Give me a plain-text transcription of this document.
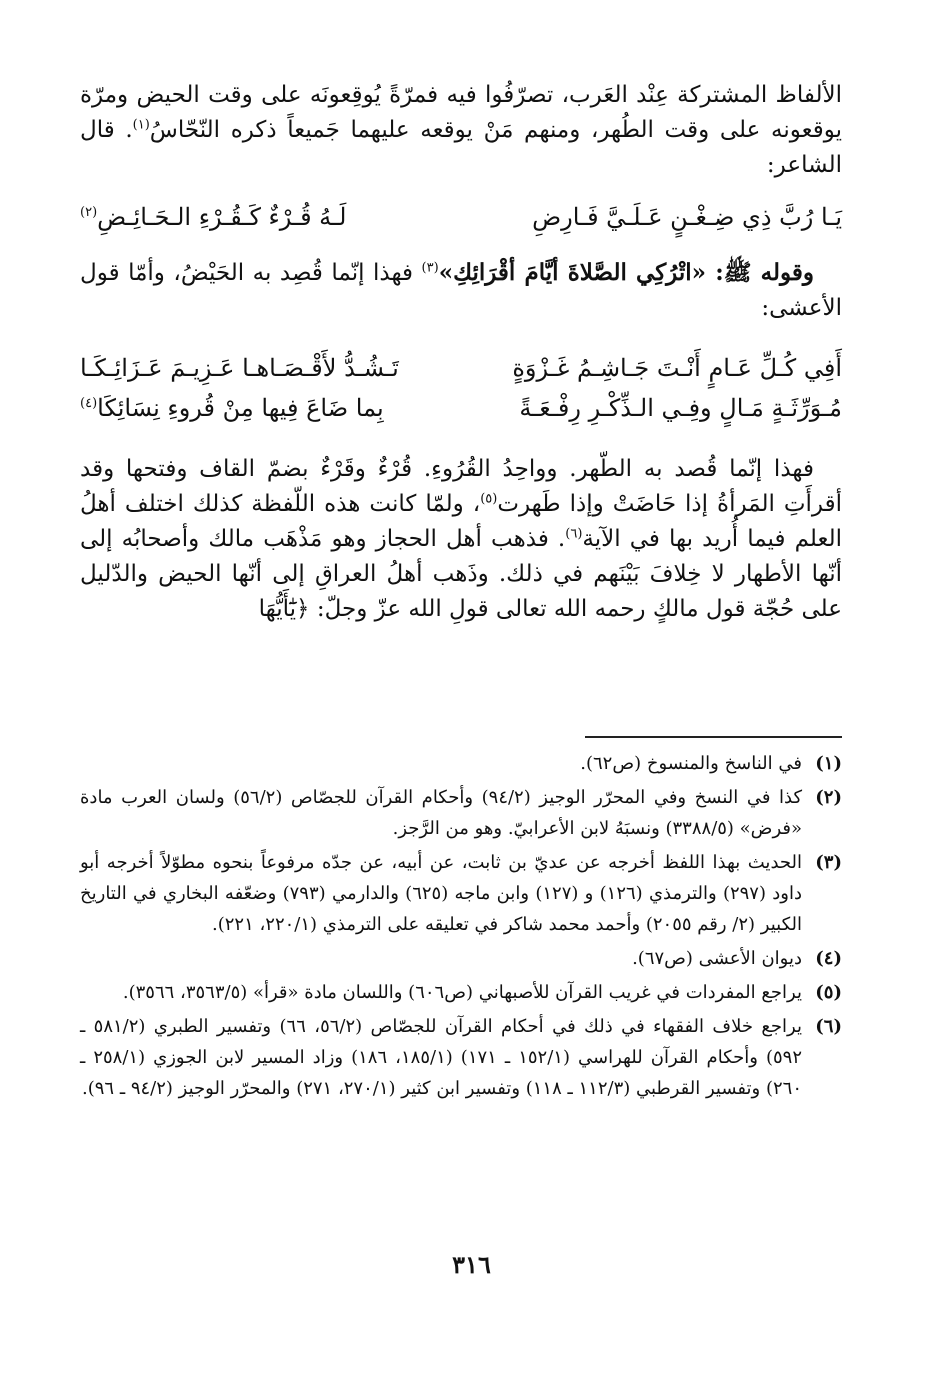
الألفاظ المشتركة عِنْد العَرب، تصرّفُوا فيه فمرّةً يُوقِعونَه على وقت الحيض ومرّة يوقعونه على وقت الطُهر، ومنهم مَنْ يوقعه عليهما جَميعاً ذكره النّحّاسُ$^{(١)}$. قال الشاعر:

يَـا رُبَّ ذِي ضِـغْـنٍ عَـلَـيَّ فَـارِضِ
لَـهُ قُـرْءٌ كَـقُـرْءِ الـحَـائِـضِ$^{(٢)}$

وقوله ﷺ: «اتْرُكِي الصَّلاةَ أيَّامَ أقْرَائِكِ»$^{(٣)}$ فهذا إنّما قُصِد به الحَيْضُ، وأمّا قول الأعشى:

أَفِي كُـلِّ عَـامٍ أَنْـتَ جَـاشِـمُ غَـزْوَةٍ
تَـشُـدُّ لأَقْـصَـاهـا عَـزِيـمَ عَـزَائِـكَـا
مُـوَرِّثَـةٍ مَـالٍ وفِـي الـذِّكْـرِ رِفْـعَـةً
بِما ضَاعَ فِيها مِنْ قُروءِ نِسَائِكَا$^{(٤)}$

فهذا إنّما قُصد به الطّهر. وواحِدُ القُرُوءِ. قُرْءٌ وقَرْءٌ بضمّ القاف وفتحها وقد أقرأَتِ المَرأةُ إذا حَاضَتْ وإذا طَهرت$^{(٥)}$، ولمّا كانت هذه اللّفظة كذلك اختلف أهلُ العلم فيما أُريد بها في الآية$^{(٦)}$. فذهب أهل الحجاز وهو مَذْهَب مالك وأصحابُه إلى أنّها الأطهار لا خِلافَ بَيْنَهم في ذلك. وذَهب أهلُ العراقِ إلى أنّها الحيض والدّليل على حُجّة قول مالكٍ رحمه الله تعالى قولِ الله عزّ وجلّ: ﴿يَٰٓأَيُّهَا

(١)
في الناسخ والمنسوخ (ص٦٢).
(٢)
كذا في النسخ وفي المحرّر الوجيز (٩٤/٢) وأحكام القرآن للجصّاص (٥٦/٢) ولسان العرب مادة «فرض» (٣٣٨٨/٥) ونسبَهُ لابن الأعرابيّ. وهو من الرَّجز.
(٣)
الحديث بهذا اللفظ أخرجه عن عديّ بن ثابت، عن أبيه، عن جدّه مرفوعاً بنحوه مطوّلاً أخرجه أبو داود (٢٩٧) والترمذي (١٢٦) و (١٢٧) وابن ماجه (٦٢٥) والدارمي (٧٩٣) وضعّفه البخاري في التاريخ الكبير (٢/ رقم ٢٠٥٥) وأحمد محمد شاكر في تعليقه على الترمذي (٢٢٠/١، ٢٢١).
(٤)
ديوان الأعشى (ص٦٧).
(٥)
يراجع المفردات في غريب القرآن للأصبهاني (ص٦٠٦) واللسان مادة «قرأ» (٣٥٦٣/٥، ٣٥٦٦).
(٦)
يراجع خلاف الفقهاء في ذلك في أحكام القرآن للجصّاص (٥٦/٢، ٦٦) وتفسير الطبري (٥٨١/٢ ـ ٥٩٢) وأحكام القرآن للهراسي (١٥٢/١ ـ ١٧١) (١٨٥/١، ١٨٦) وزاد المسير لابن الجوزي (٢٥٨/١ ـ ٢٦٠) وتفسير القرطبي (١١٢/٣ ـ ١١٨) وتفسير ابن كثير (٢٧٠/١، ٢٧١) والمحرّر الوجيز (٩٤/٢ ـ ٩٦).
٣١٦
